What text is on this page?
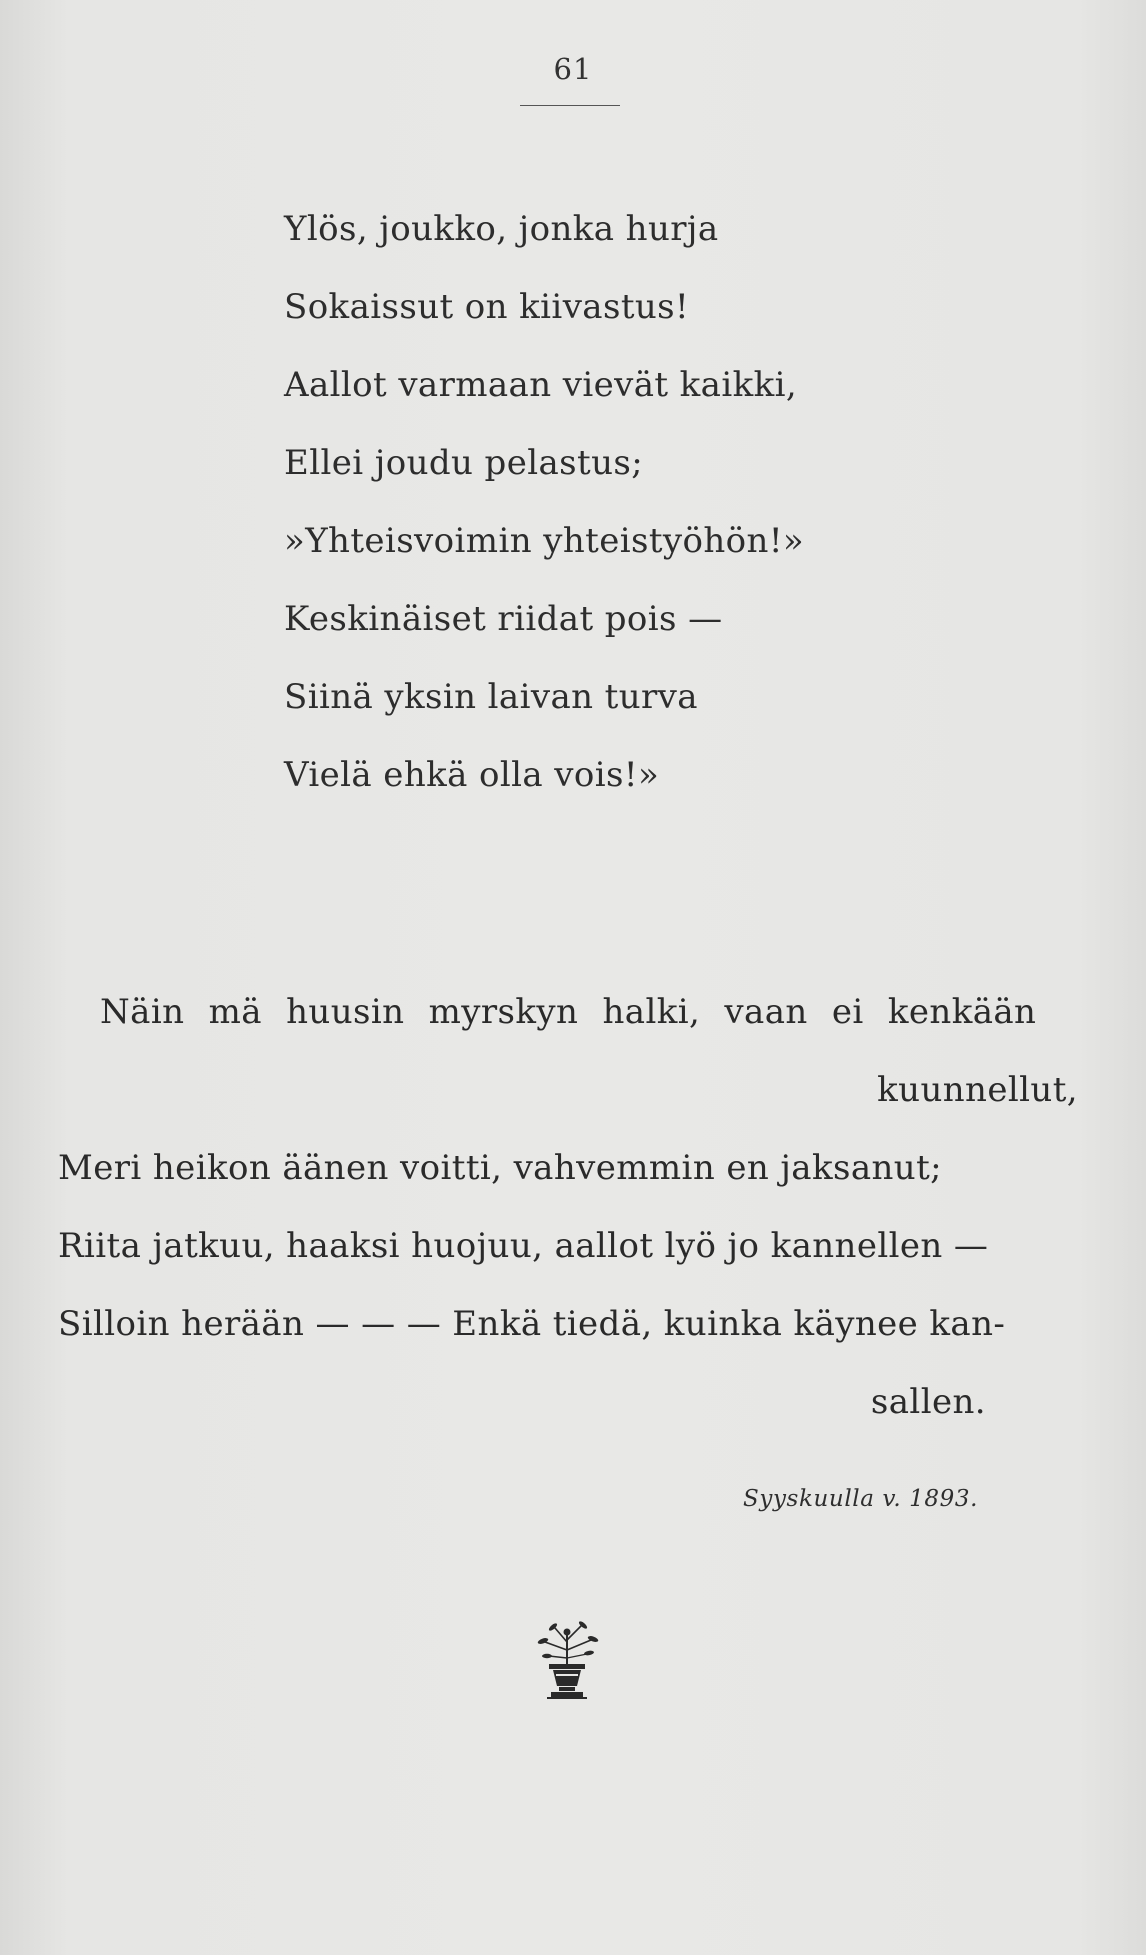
61
Ylös, joukko, jonka hurja
Sokaissut on kiivastus!
Aallot varmaan vievät kaikki,
Ellei joudu pelastus;
»Yhteisvoimin yhteistyöhön!»
Keskinäiset riidat pois —
Siinä yksin laivan turva
Vielä ehkä olla vois!»
Näin mä huusin myrskyn halki, vaan ei kenkään
kuunnellut,
Meri heikon äänen voitti, vahvemmin en jaksanut;
Riita jatkuu, haaksi huojuu, aallot lyö jo kannellen —
Silloin herään — — — Enkä tiedä, kuinka käynee kan-
sallen.
Syyskuulla v. 1893.
